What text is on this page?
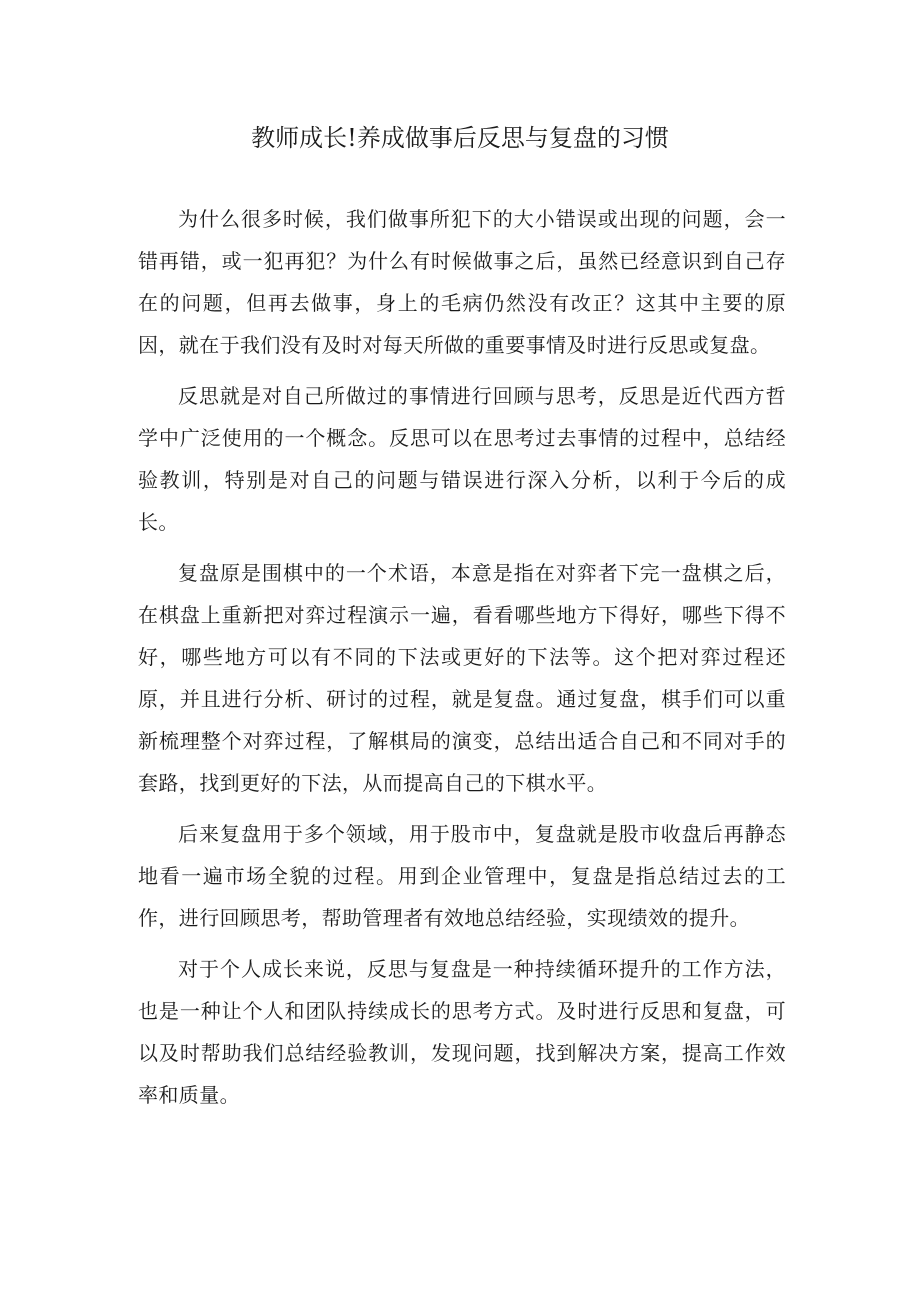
教师成长!养成做事后反思与复盘的习惯

为什么很多时候，我们做事所犯下的大小错误或出现的问题，会一错再错，或一犯再犯？为什么有时候做事之后，虽然已经意识到自己存在的问题，但再去做事，身上的毛病仍然没有改正？这其中主要的原因，就在于我们没有及时对每天所做的重要事情及时进行反思或复盘。

反思就是对自己所做过的事情进行回顾与思考，反思是近代西方哲学中广泛使用的一个概念。反思可以在思考过去事情的过程中，总结经验教训，特别是对自己的问题与错误进行深入分析，以利于今后的成长。

复盘原是围棋中的一个术语，本意是指在对弈者下完一盘棋之后，在棋盘上重新把对弈过程演示一遍，看看哪些地方下得好，哪些下得不好，哪些地方可以有不同的下法或更好的下法等。这个把对弈过程还原，并且进行分析、研讨的过程，就是复盘。通过复盘，棋手们可以重新梳理整个对弈过程，了解棋局的演变，总结出适合自己和不同对手的套路，找到更好的下法，从而提高自己的下棋水平。

后来复盘用于多个领域，用于股市中，复盘就是股市收盘后再静态地看一遍市场全貌的过程。用到企业管理中，复盘是指总结过去的工作，进行回顾思考，帮助管理者有效地总结经验，实现绩效的提升。

对于个人成长来说，反思与复盘是一种持续循环提升的工作方法，也是一种让个人和团队持续成长的思考方式。及时进行反思和复盘，可以及时帮助我们总结经验教训，发现问题，找到解决方案，提高工作效率和质量。
